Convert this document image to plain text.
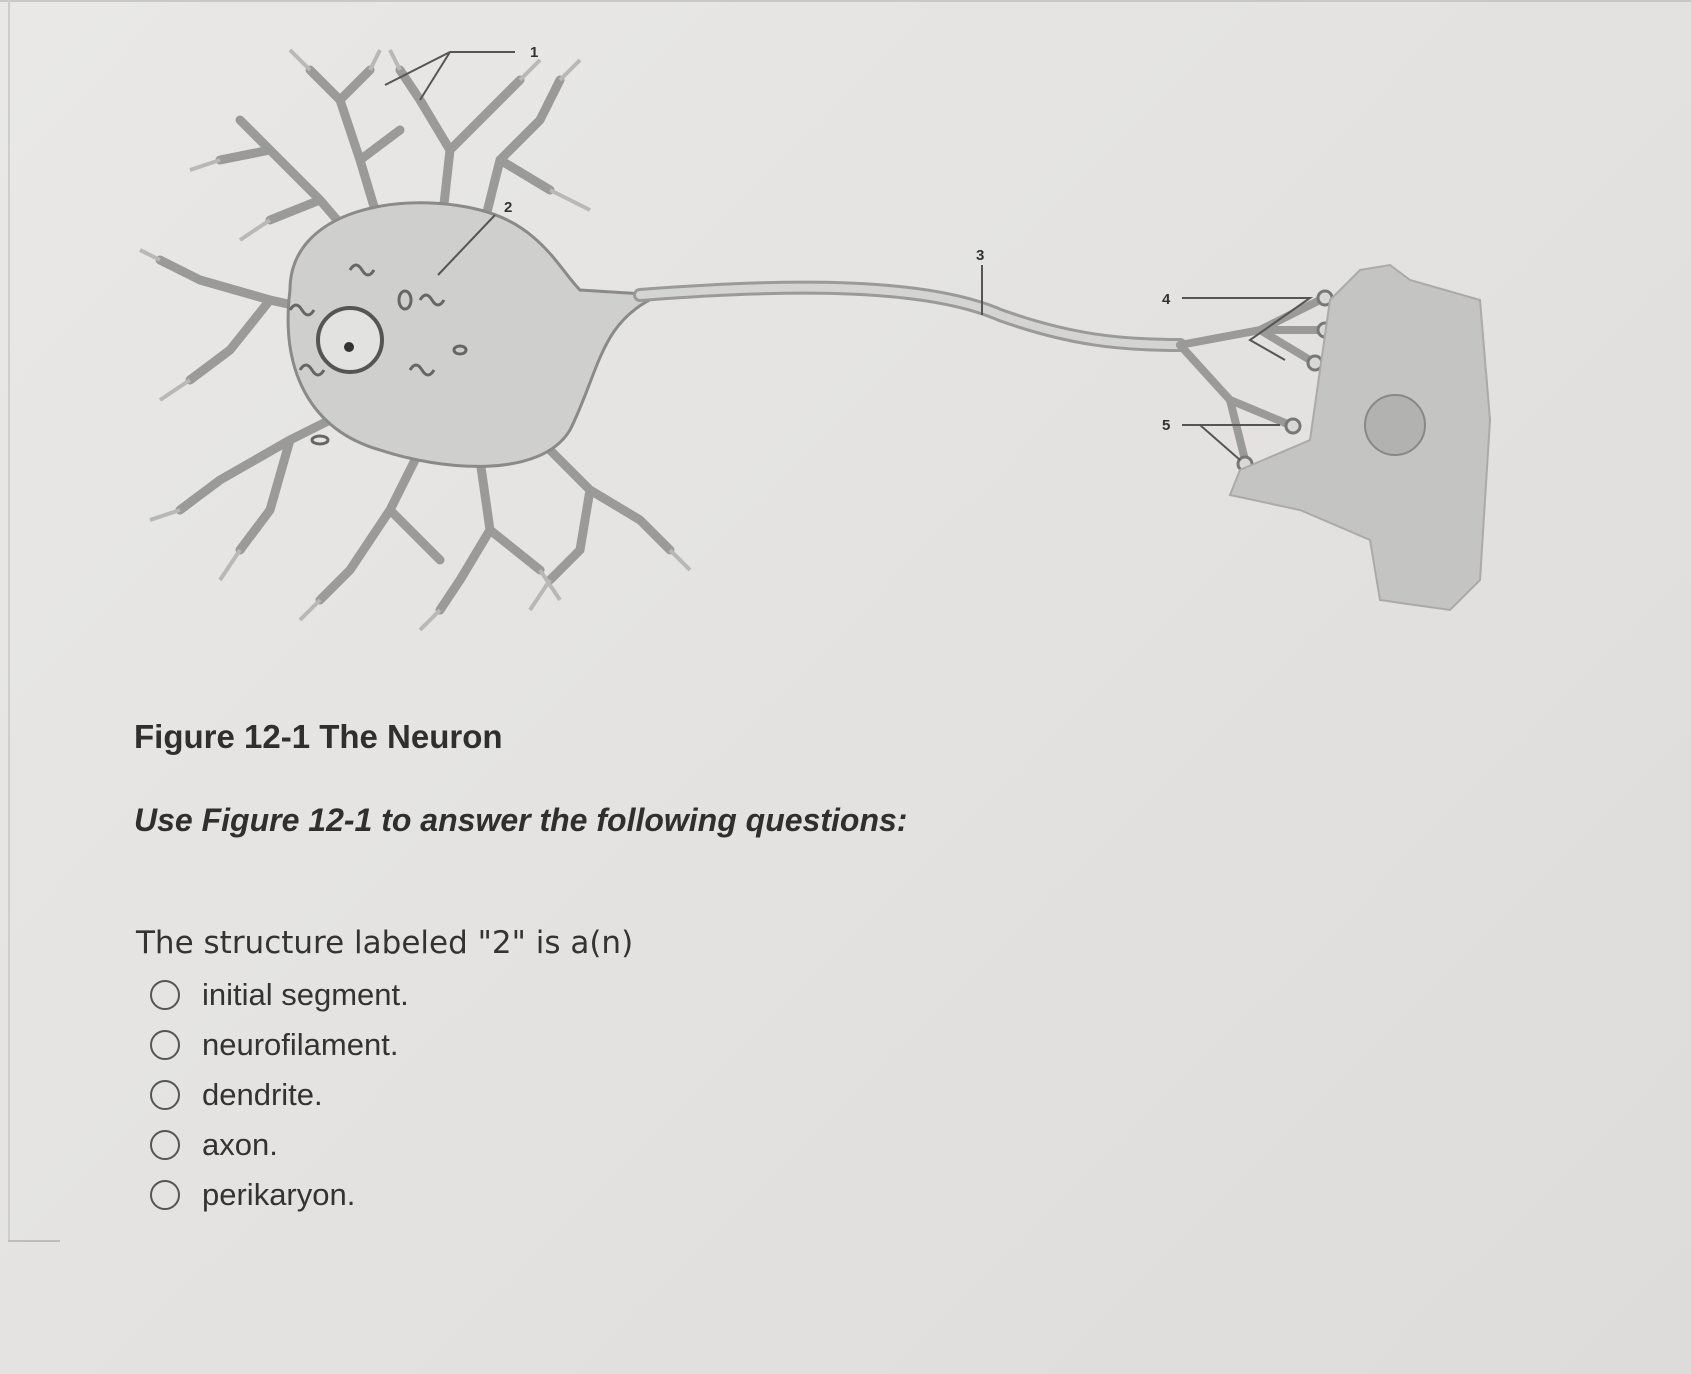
1
2
3
4
5
Figure 12-1 The Neuron
Use Figure 12-1 to answer the following questions:
The structure labeled "2" is a(n)
initial segment.
neurofilament.
dendrite.
axon.
perikaryon.
